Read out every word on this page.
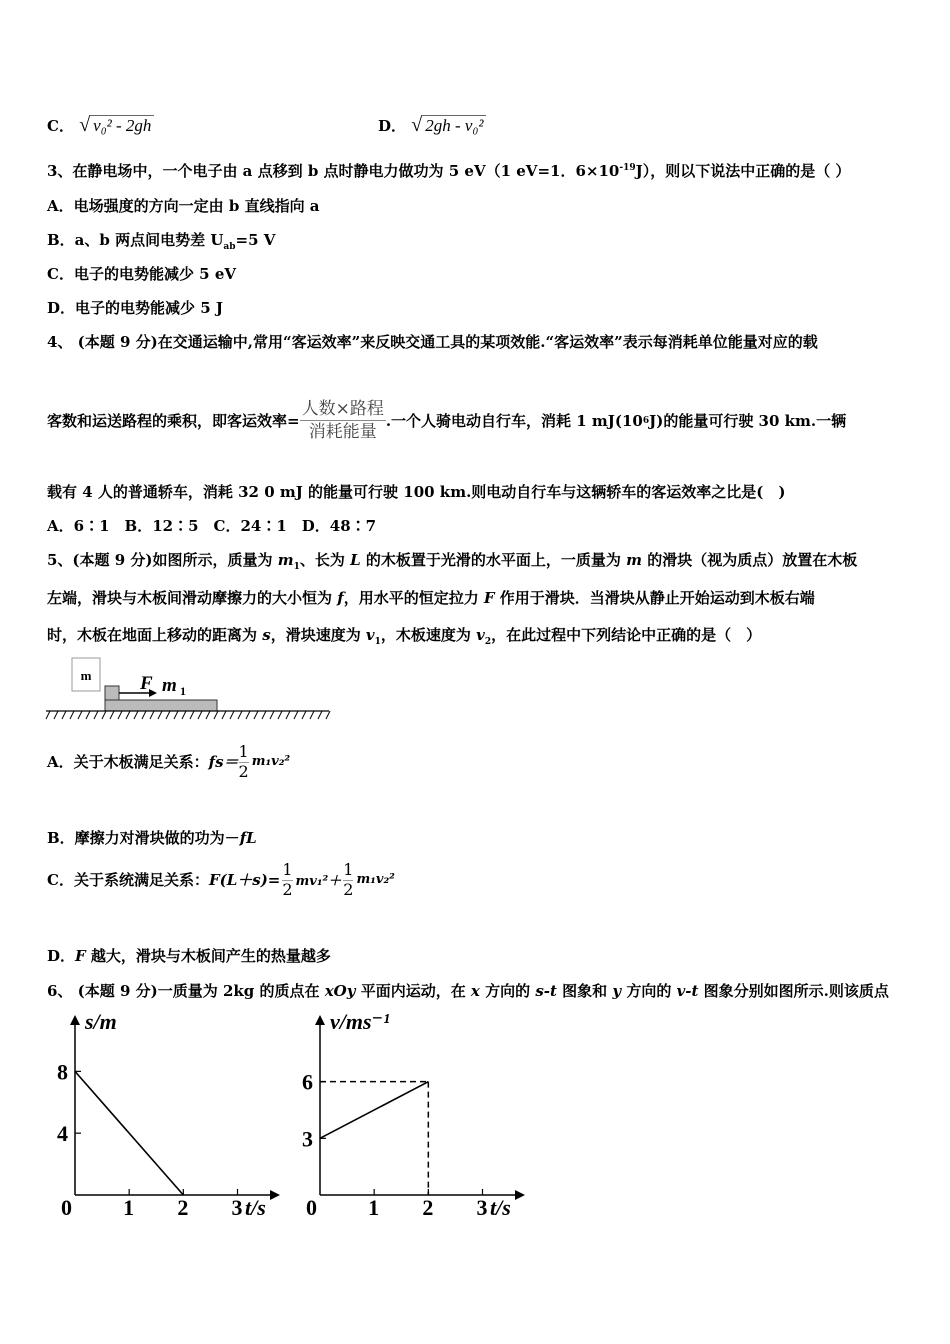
C． √ v₀² - 2gh	D． √ 2gh - v₀²
3、在静电场中，一个电子由 a 点移到 b 点时静电力做功为 5 eV（1 eV=1．$6\times 10^{-19}J$），则以下说法中正确的是（ ）
A．电场强度的方向一定由 b 直线指向 a
B．a、b 两点间电势差 $U_{ab}=5$ V
C．电子的电势能减少 5 eV
D．电子的电势能减少 5 J
4、 (本题 9 分)在交通运输中,常用“客运效率”来反映交通工具的某项效能.“客运效率”表示每消耗单位能量对应的载
客数和运送路程的乘积，即客运效率= $\frac{\text{人数×路程}}{\text{消耗能量}}$ .一个人骑电动自行车，消耗 1 mJ(10 6 J)的能量可行驶 30 km.一辆
载有 4 人的普通轿车，消耗 32 0 mJ 的能量可行驶 100 km.则电动自行车与这辆轿车的客运效率之比是(　)
A．6∶1　B．12∶5　C．24∶1　D．48∶7
5、(本题 9 分)如图所示，质量为 $m_1$、长为 L 的木板置于光滑的水平面上，一质量为 m 的滑块（视为质点）放置在木板
左端，滑块与木板间滑动摩擦力的大小恒为 f，用水平的恒定拉力 F 作用于滑块．当滑块从静止开始运动到木板右端
时，木板在地面上移动的距离为 s，滑块速度为 $v_1$，木板速度为 $v_2$，在此过程中下列结论中正确的是（　）
m	F m 1
A．关于木板满足关系： fs＝
1
2
m₁v₂²
B．摩擦力对滑块做的功为－fL
C．关于系统满足关系： F(L＋s)=
1
2 mv₁²＋
1
2
m₁v₂²
D．F 越大，滑块与木板间产生的热量越多
6、 (本题 9 分)一质量为 2kg 的质点在 xOy 平面内运动，在 x 方向的 s-t 图象和 y 方向的 v-t 图象分别如图所示.则该质点
s/m
t/s
0 1 2 3
4
8
v/ms⁻¹
t/s
0 1 2 3
3
6
